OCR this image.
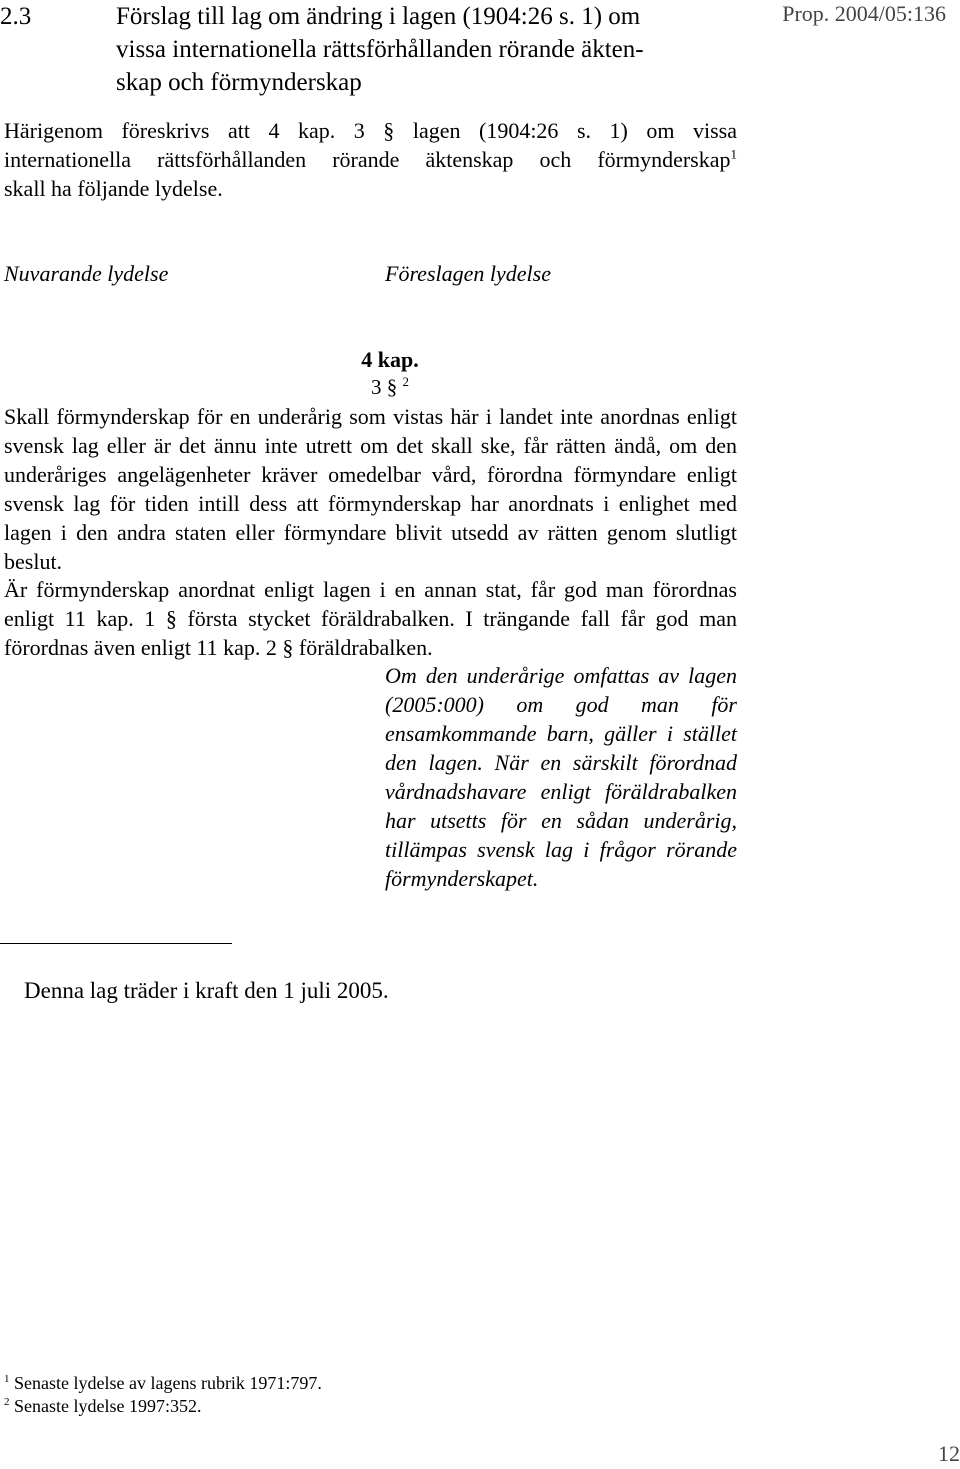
2.3	Förslag till lag om ändring i lagen (1904:26 s. 1) om
vissa internationella rättsförhållanden rörande äkten-
skap och förmynderskap
Prop. 2004/05:136
Härigenom föreskrivs att 4 kap. 3 § lagen (1904:26 s. 1) om vissa
internationella rättsförhållanden rörande äktenskap och förmynderskap$^1$
skall ha följande lydelse.
Nuvarande lydelse	Föreslagen lydelse
4 kap.
3 § $^2$
Skall förmynderskap för en underårig som vistas här i landet inte anordnas enligt svensk lag eller är det ännu inte utrett om det skall ske, får rätten ändå, om den underåriges angelägenheter kräver omedelbar vård, förordna förmyndare enligt svensk lag för tiden intill dess att förmynderskap har anordnats i enlighet med lagen i den andra staten eller förmyndare blivit utsedd av rätten genom slutligt beslut.
Är förmynderskap anordnat enligt lagen i en annan stat, får god man förordnas enligt 11 kap. 1 § första stycket föräldrabalken. I trängande fall får god man förordnas även enligt 11 kap. 2 § föräldrabalken.
Om den underårige omfattas av lagen (2005:000) om god man för ensamkommande barn, gäller i stället den lagen. När en särskilt förordnad vårdnadshavare enligt föräldrabalken har utsetts för en sådan underårig, tillämpas svensk lag i frågor rörande förmynderskapet.
Denna lag träder i kraft den 1 juli 2005.
$^1$ Senaste lydelse av lagens rubrik 1971:797.
$^2$ Senaste lydelse 1997:352.
12
